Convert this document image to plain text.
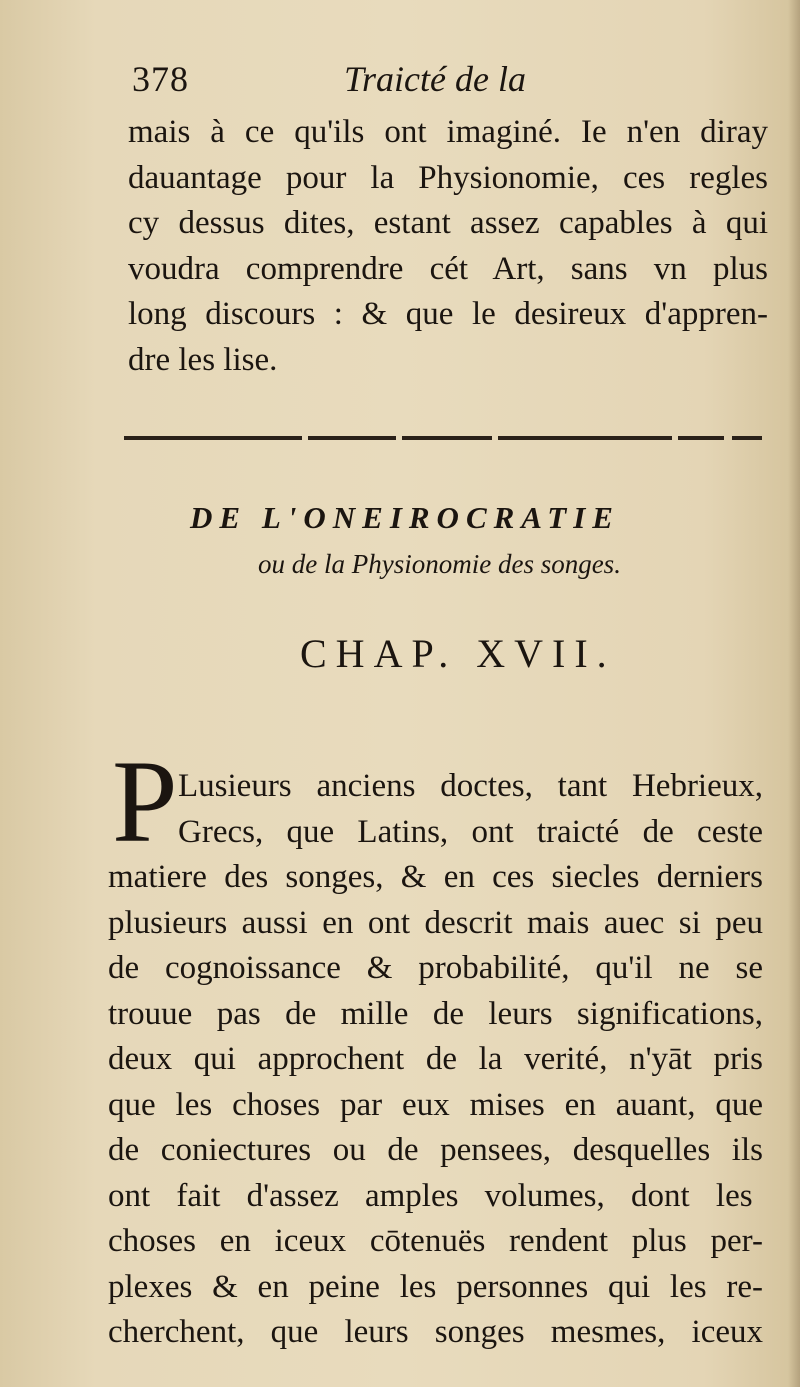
378	Traicté de la
mais à ce qu'ils ont imaginé. Ie n'en diray
dauantage pour la Physionomie, ces regles
cy dessus dites, estant assez capables à qui
voudra comprendre cét Art, sans vn plus
long discours : & que le desireux d'appren-
dre les lise.
DE L'ONEIROCRATIE
ou de la Physionomie des songes.
CHAP. XVII.
P Lusieurs anciens doctes, tant Hebrieux,
Grecs, que Latins, ont traicté de ceste
matiere des songes, & en ces siecles derniers
plusieurs aussi en ont descrit mais auec si peu
de cognoissance & probabilité, qu'il ne se
trouue pas de mille de leurs significations,
deux qui approchent de la verité, n'yāt pris
que les choses par eux mises en auant, que
de coniectures ou de pensees, desquelles ils
ont fait d'assez amples volumes, dont les
choses en iceux cōtenuës rendent plus per-
plexes & en peine les personnes qui les re-
cherchent, que leurs songes mesmes, iceux
